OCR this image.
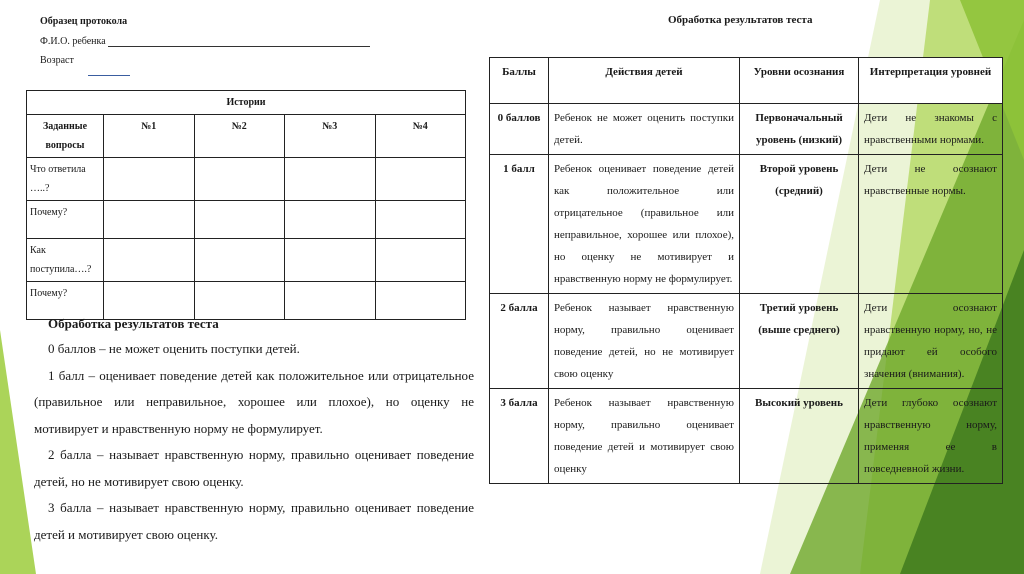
Образец протокола
Ф.И.О. ребенка
Возраст
Истории				
Заданные вопросы	№1	№2	№3	№4
Что ответила …..?				
Почему?				
Как поступила….?				
Почему?				
Обработка результатов теста
0 баллов – не может оценить поступки детей.
1 балл – оценивает поведение детей как положительное или отрицательное (правильное или неправильное, хорошее или плохое), но оценку не мотивирует и нравственную норму не формулирует.
2 балла – называет нравственную норму, правильно оценивает поведение детей, но не мотивирует свою оценку.
3 балла – называет нравственную норму, правильно оценивает поведение детей и мотивирует свою оценку.
Обработка результатов теста
Баллы	Действия детей	Уровни осознания	Интерпретация уровней
0 баллов	Ребенок не может оценить поступки детей.	Первоначальный уровень (низкий)	Дети не знакомы с нравственными нормами.
1 балл	Ребенок оценивает поведение детей как положительное или отрицательное (правильное или неправильное, хорошее или плохое), но оценку не мотивирует и нравственную норму не формулирует.	Второй уровень (средний)	Дети не осознают нравственные нормы.
2 балла	Ребенок называет нравственную норму, правильно оценивает поведение детей, но не мотивирует свою оценку	Третий уровень (выше среднего)	Дети осознают нравственную норму, но, не придают ей особого значения (внимания).
3 балла	Ребенок называет нравственную норму, правильно оценивает поведение детей и мотивирует свою оценку	Высокий уровень	Дети глубоко осознают нравственную норму, применяя ее в повседневной жизни.
